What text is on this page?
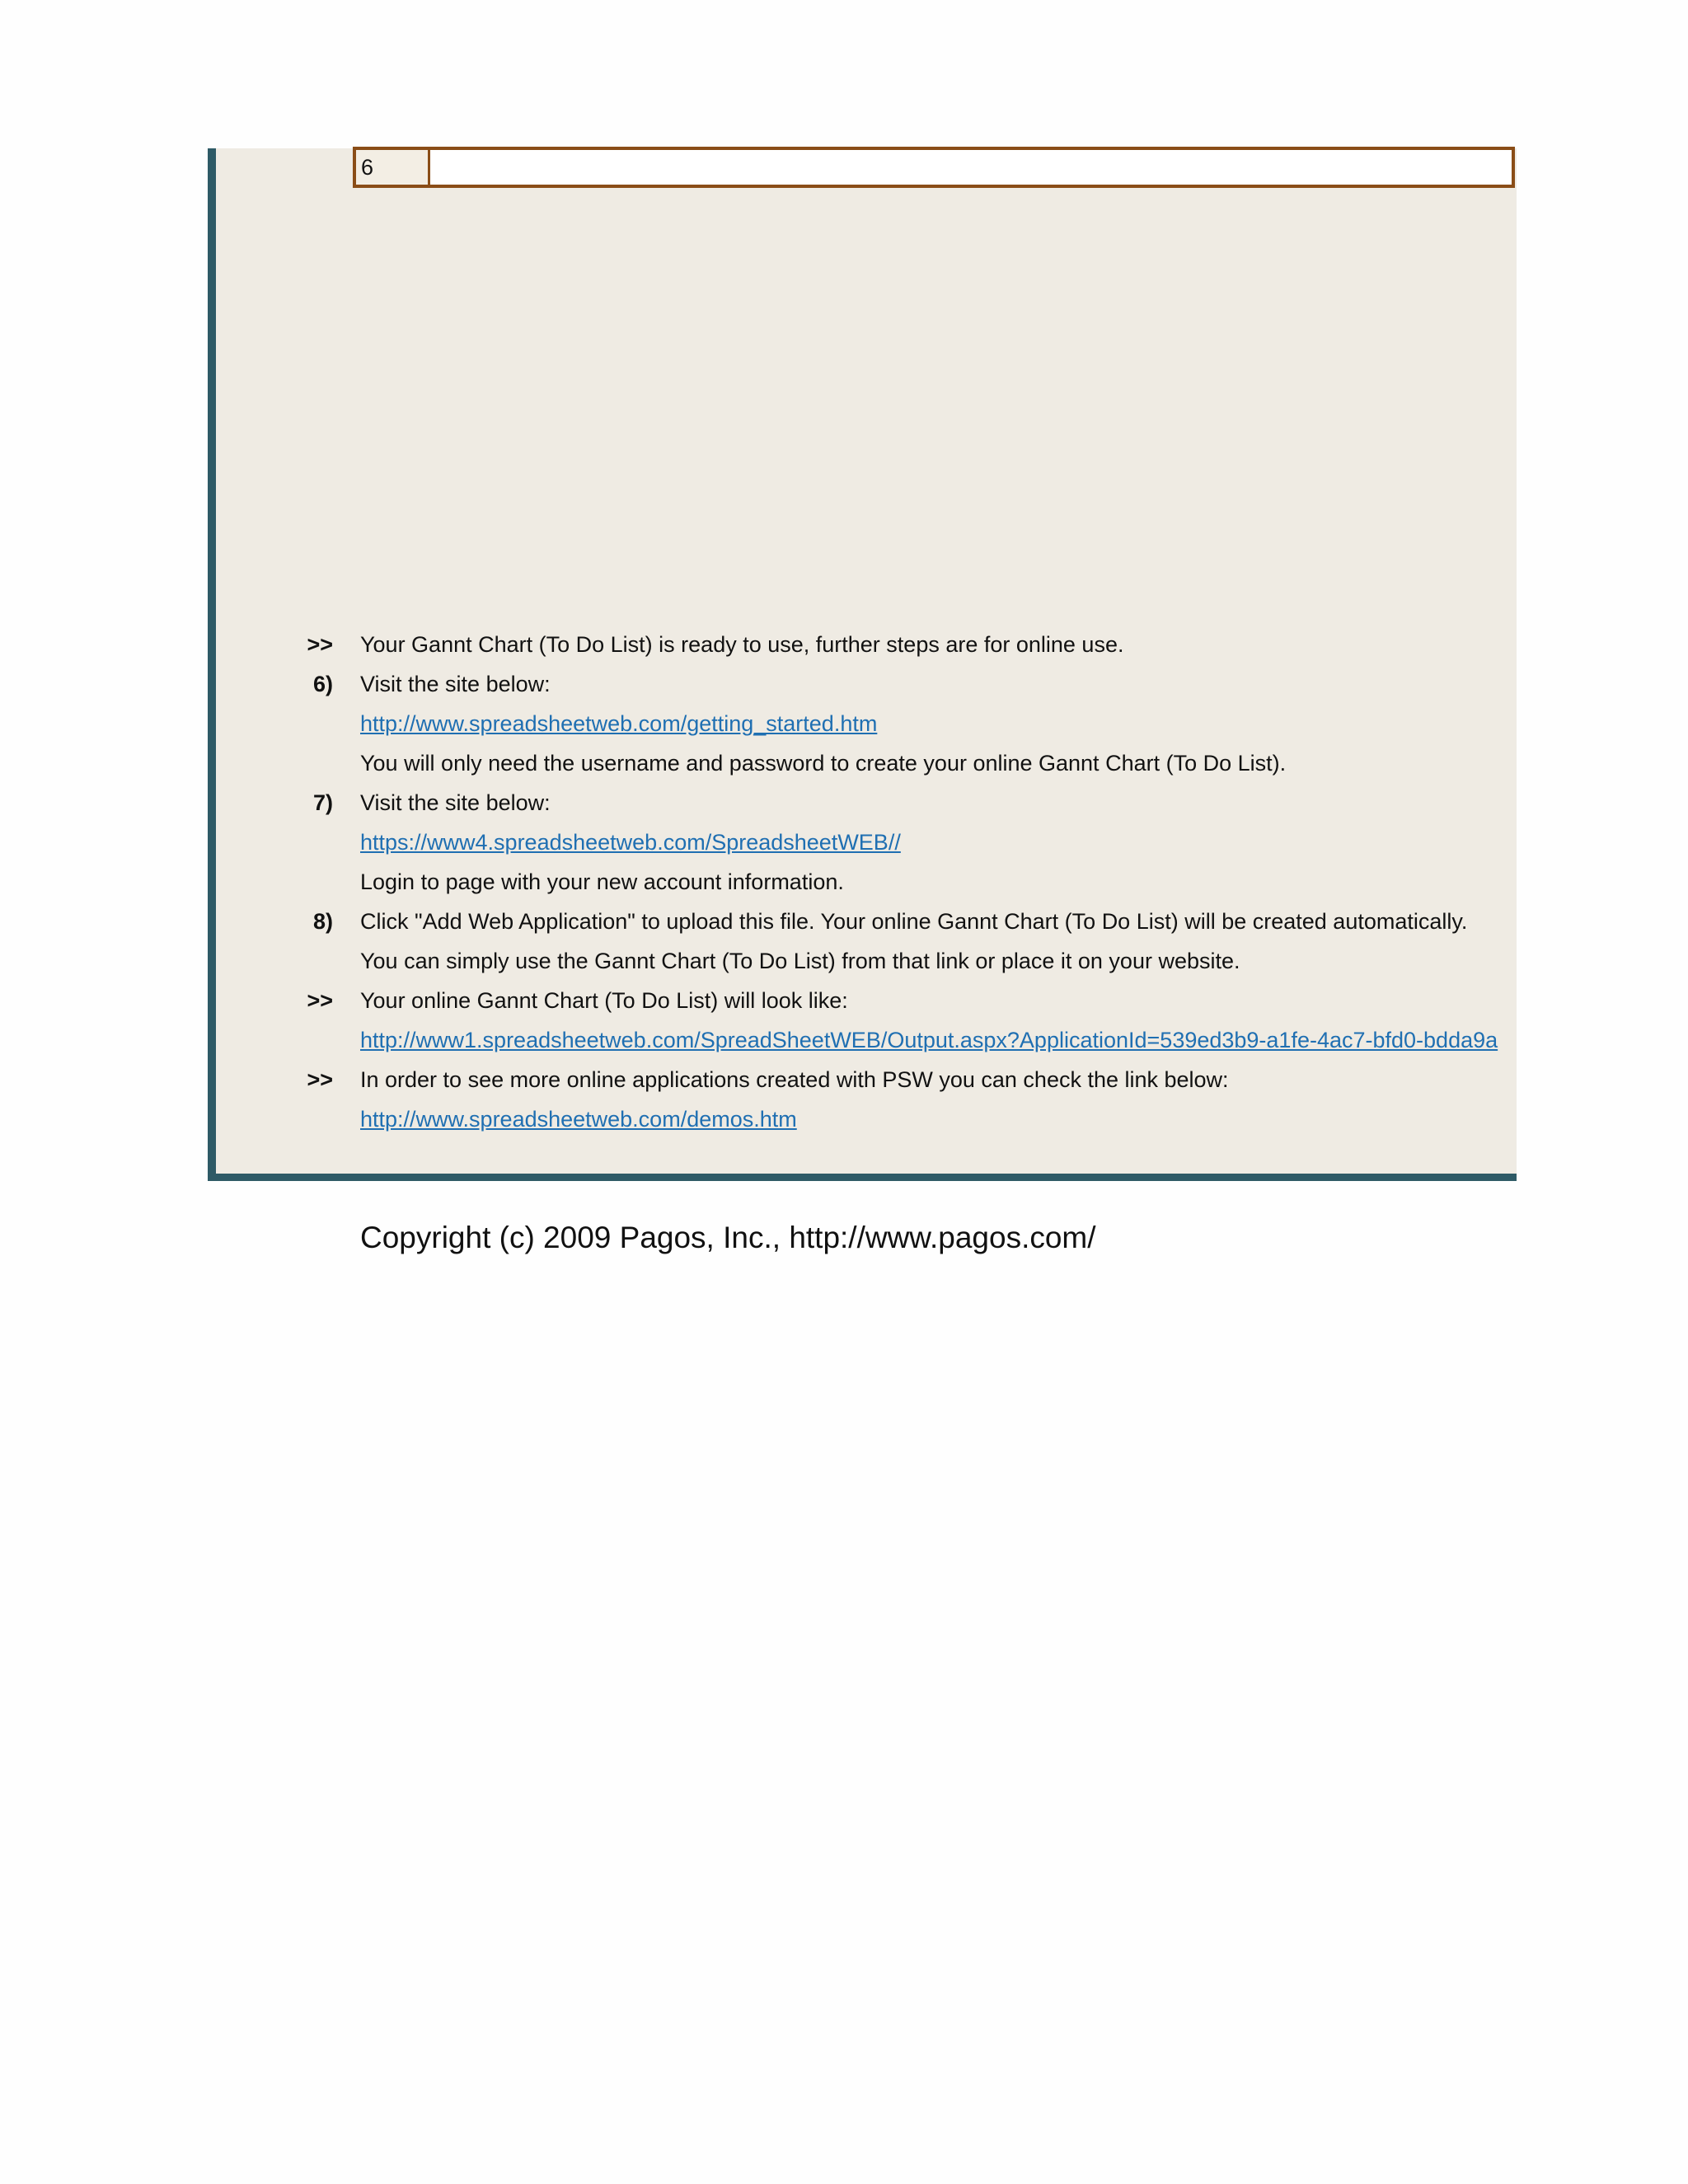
6
>> Your Gannt Chart (To Do List) is ready to use, further steps are for online use.
6) Visit the site below:
http://www.spreadsheetweb.com/getting_started.htm
You will only need the username and password to create your online Gannt Chart (To Do List).
7) Visit the site below:
https://www4.spreadsheetweb.com/SpreadsheetWEB//
Login to page with your new account information.
8) Click "Add Web Application" to upload this file. Your online Gannt Chart (To Do List) will be created automatically.
You can simply use the Gannt Chart (To Do List) from that link or place it on your website.
>> Your online Gannt Chart (To Do List) will look like:
http://www1.spreadsheetweb.com/SpreadSheetWEB/Output.aspx?ApplicationId=539ed3b9-a1fe-4ac7-bfd0-bdda9a
>> In order to see more online applications created with PSW you can check the link below:
http://www.spreadsheetweb.com/demos.htm
Copyright (c) 2009 Pagos, Inc., http://www.pagos.com/
